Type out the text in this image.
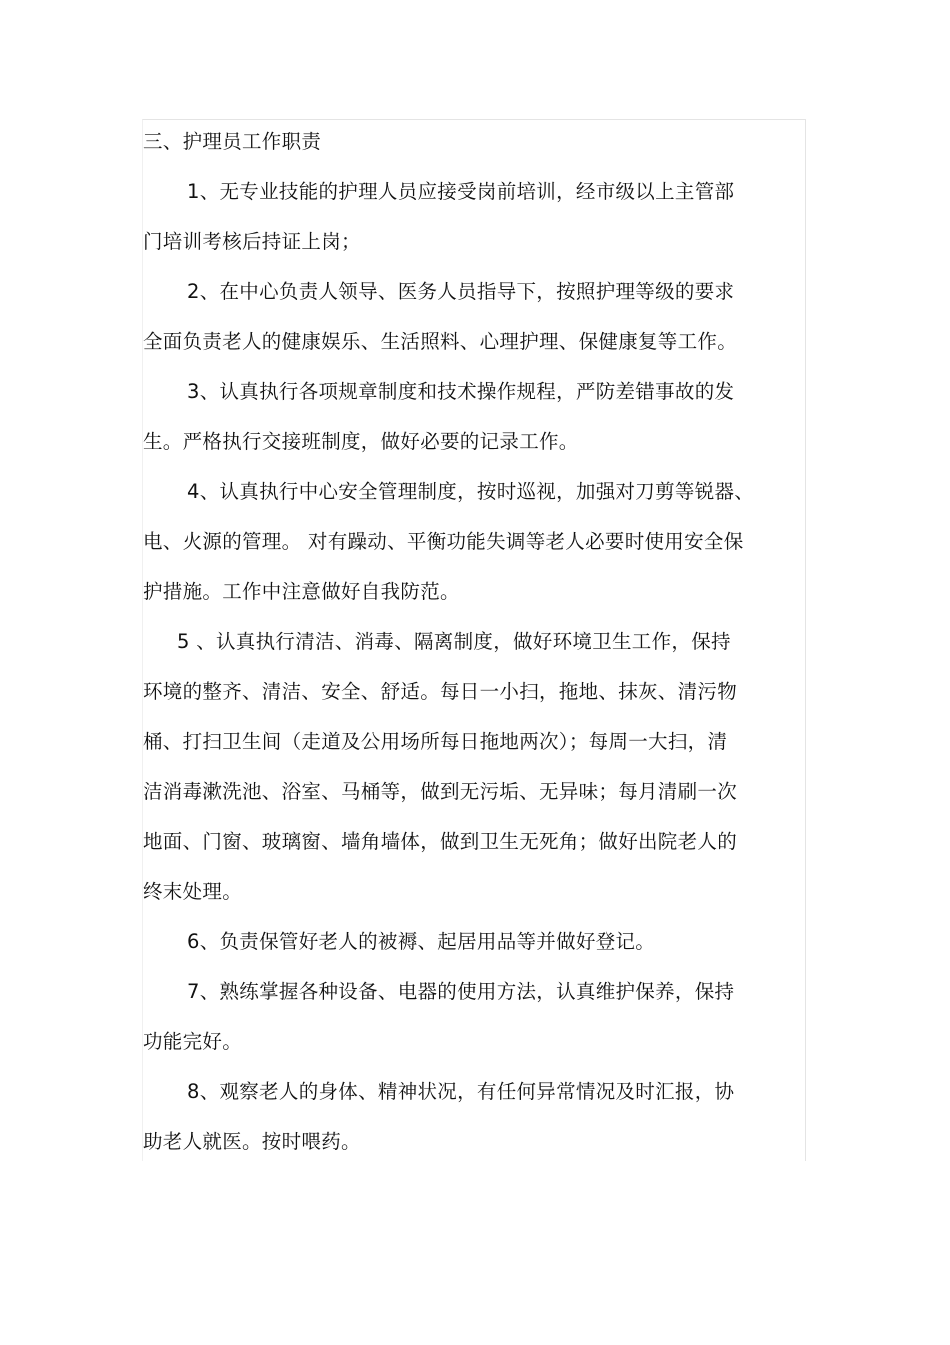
三、护理员工作职责
1、无专业技能的护理人员应接受岗前培训，经市级以上主管部
门培训考核后持证上岗；
2、在中心负责人领导、医务人员指导下，按照护理等级的要求
全面负责老人的健康娱乐、生活照料、心理护理、保健康复等工作。
3、认真执行各项规章制度和技术操作规程，严防差错事故的发
生。严格执行交接班制度，做好必要的记录工作。
4、认真执行中心安全管理制度，按时巡视，加强对刀剪等锐器、
电、火源的管理。 对有躁动、平衡功能失调等老人必要时使用安全保
护措施。工作中注意做好自我防范。
5 、认真执行清洁、消毒、隔离制度，做好环境卫生工作，保持
环境的整齐、清洁、安全、舒适。每日一小扫，拖地、抹灰、清污物
桶、打扫卫生间（走道及公用场所每日拖地两次）；每周一大扫，清
洁消毒漱洗池、浴室、马桶等，做到无污垢、无异味；每月清刷一次
地面、门窗、玻璃窗、墙角墙体，做到卫生无死角；做好出院老人的
终末处理。
6、负责保管好老人的被褥、起居用品等并做好登记。
7、熟练掌握各种设备、电器的使用方法，认真维护保养，保持
功能完好。
8、观察老人的身体、精神状况，有任何异常情况及时汇报，协
助老人就医。按时喂药。
